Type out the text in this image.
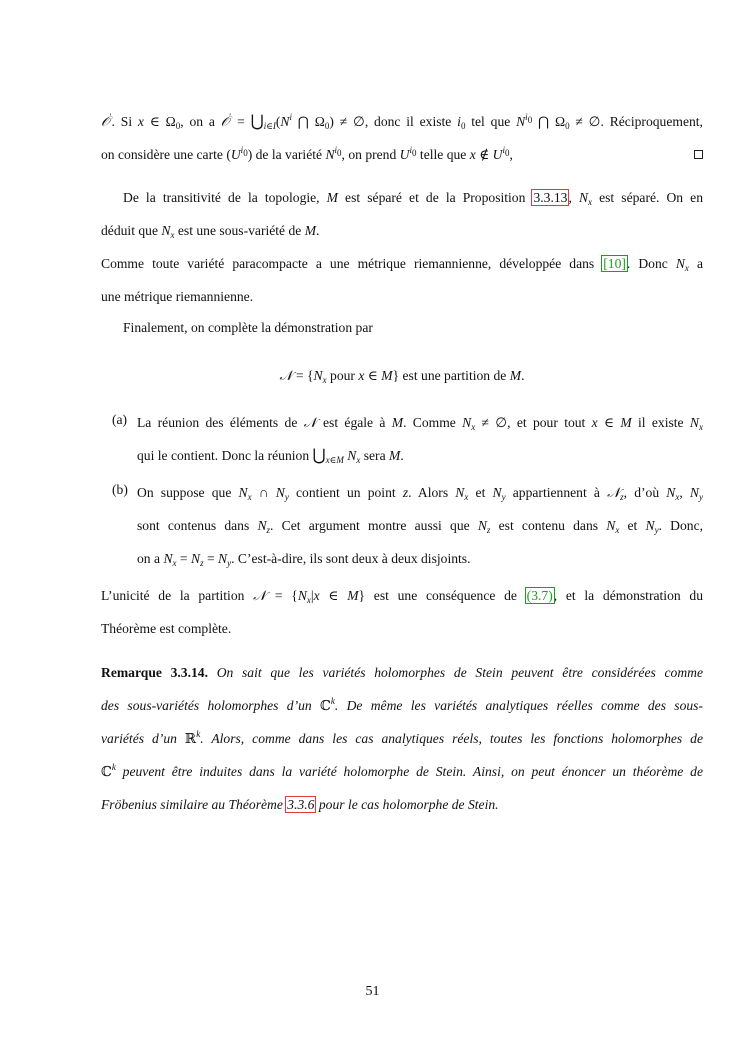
𝒪′. Si x ∈ $\Omega_0$, on a 𝒪′ = $⋃_{i\in I}(N^i$ ⋂ $\Omega_0$) ≠ ∅, donc il existe $i_0$ tel que $N^{i_0}$ ⋂ $\Omega_0$ ≠ ∅. Réciproquement,
on considère une carte $(U^{i_0})$ de la variété $N^{i_0}$, on prend $U^{i_0}$ telle que x ∉ $U^{i_0}$,
De la transitivité de la topologie, M est séparé et de la Proposition 3.3.13, $N_x$ est séparé. On en
déduit que $N_x$ est une sous-variété de M.
Comme toute variété paracompacte a une métrique riemannienne, développée dans [10]. Donc $N_x$ a
une métrique riemannienne.
Finalement, on complète la démonstration par
𝒩 = {$N_x$ pour x ∈ M} est une partition de M.
(a) La réunion des éléments de 𝒩 est égale à M. Comme $N_x$ ≠ ∅, et pour tout x ∈ M il existe $N_x$
qui le contient. Donc la réunion $⋃_{x\in M}$ $N_x$ sera M.
(b) On suppose que $N_x$ ∩ $N_y$ contient un point z. Alors $N_x$ et $N_y$ appartiennent à 𝒩$_z$, d’où $N_x$, $N_y$
sont contenus dans $N_z$. Cet argument montre aussi que $N_z$ est contenu dans $N_x$ et $N_y$. Donc,
on a $N_x = N_z = N_y$. C’est-à-dire, ils sont deux à deux disjoints.
L’unicité de la partition 𝒩 = {$N_x|x$ ∈ M} est une conséquence de (3.7), et la démonstration du
Théorème est complète.
Remarque 3.3.14. On sait que les variétés holomorphes de Stein peuvent être considérées comme
des sous-variétés holomorphes d’un ℂ$^k$. De même les variétés analytiques réelles comme des sous-
variétés d’un ℝ$^k$. Alors, comme dans les cas analytiques réels, toutes les fonctions holomorphes de
ℂ$^k$ peuvent être induites dans la variété holomorphe de Stein. Ainsi, on peut énoncer un théorème de
Fröbenius similaire au Théorème 3.3.6 pour le cas holomorphe de Stein.
51
